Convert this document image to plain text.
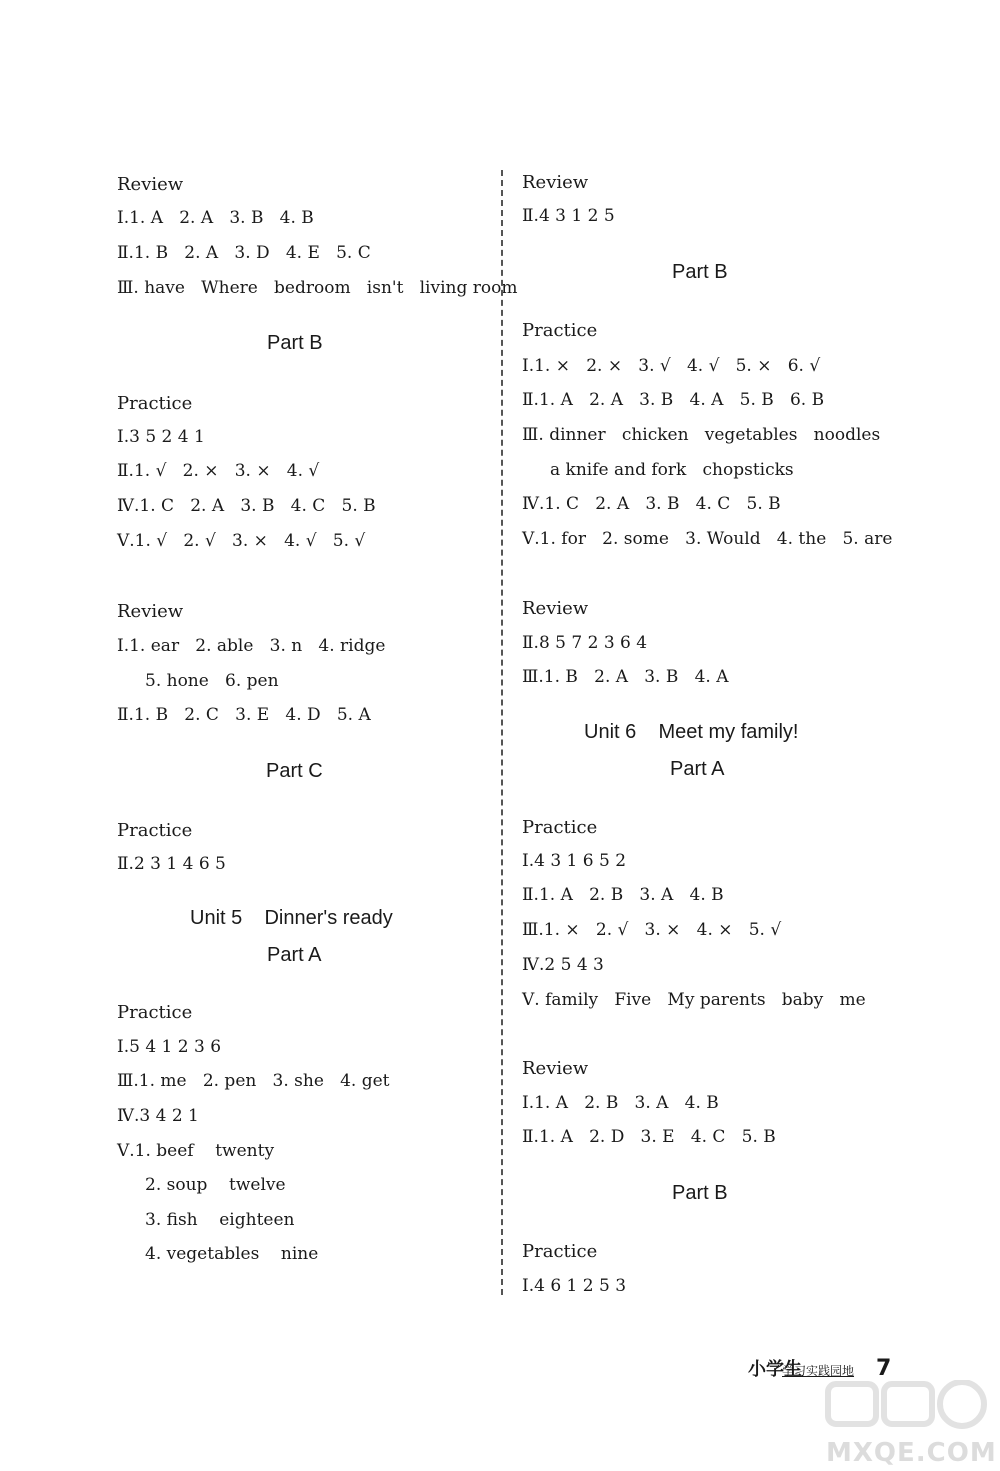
Review
Ⅰ.1. A   2. A   3. B   4. B
Ⅱ.1. B   2. A   3. D   4. E   5. C
Ⅲ. have   Where   bedroom   isn't   living room
Part B
Practice
Ⅰ.3 5 2 4 1
Ⅱ.1. √   2. ×   3. ×   4. √
Ⅳ.1. C   2. A   3. B   4. C   5. B
Ⅴ.1. √   2. √   3. ×   4. √   5. √
Review
Ⅰ.1. ear   2. able   3. n   4. ridge
5. hone   6. pen
Ⅱ.1. B   2. C   3. E   4. D   5. A
Part C
Practice
Ⅱ.2 3 1 4 6 5
Unit 5    Dinner's ready
Part A
Practice
Ⅰ.5 4 1 2 3 6
Ⅲ.1. me   2. pen   3. she   4. get
Ⅳ.3 4 2 1
Ⅴ.1. beef    twenty
2. soup    twelve
3. fish    eighteen
4. vegetables    nine
Review
Ⅱ.4 3 1 2 5
Part B
Practice
Ⅰ.1. ×   2. ×   3. √   4. √   5. ×   6. √
Ⅱ.1. A   2. A   3. B   4. A   5. B   6. B
Ⅲ. dinner   chicken   vegetables   noodles
a knife and fork   chopsticks
Ⅳ.1. C   2. A   3. B   4. C   5. B
Ⅴ.1. for   2. some   3. Would   4. the   5. are
Review
Ⅱ.8 5 7 2 3 6 4
Ⅲ.1. B   2. A   3. B   4. A
Unit 6    Meet my family!
Part A
Practice
Ⅰ.4 3 1 6 5 2
Ⅱ.1. A   2. B   3. A   4. B
Ⅲ.1. ×   2. √   3. ×   4. ×   5. √
Ⅳ.2 5 4 3
Ⅴ. family   Five   My parents   baby   me
Review
Ⅰ.1. A   2. B   3. A   4. B
Ⅱ.1. A   2. D   3. E   4. C   5. B
Part B
Practice
Ⅰ.4 6 1 2 5 3
小学生
学习实践园地 7
MXQE.COM
